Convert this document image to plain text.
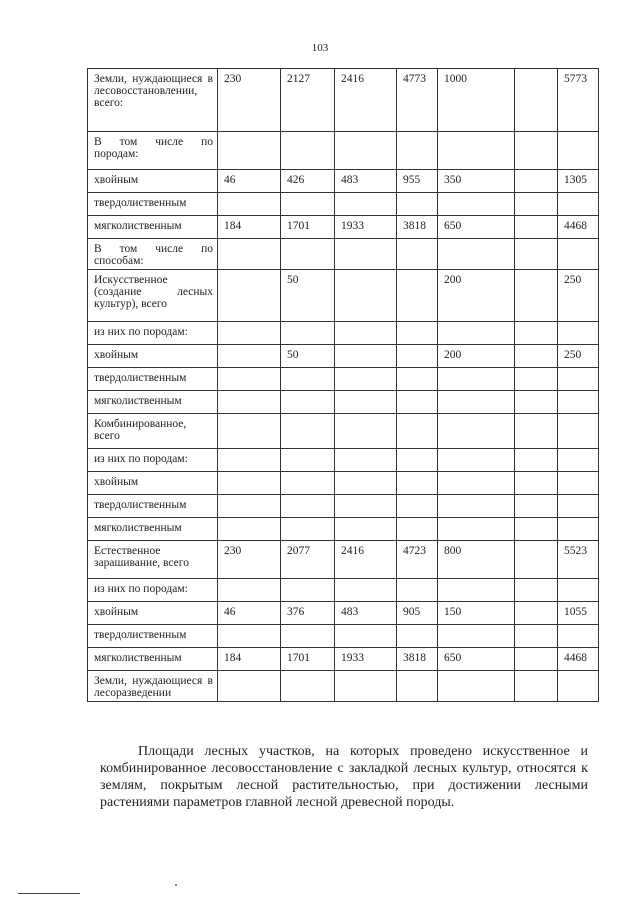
103
Земли, нуждающиеся в лесовосстановлении, всего:	230	2127	2416	4773	1000		5773
В том числе по породам:							
хвойным	46	426	483	955	350		1305
твердолиственным							
мягколиственным	184	1701	1933	3818	650		4468
В том числе по способам:							
Искусственное (создание лесных культур), всего		50			200		250
из них по породам:							
хвойным		50			200		250
твердолиственным							
мягколиственным							
Комбинированное, всего							
из них по породам:							
хвойным							
твердолиственным							
мягколиственным							
Естественное зарашивание, всего	230	2077	2416	4723	800		5523
из них по породам:							
хвойным	46	376	483	905	150		1055
твердолиственным							
мягколиственным	184	1701	1933	3818	650		4468
Земли, нуждающиеся в лесоразведении							
Площади лесных участков, на которых проведено искусственное и комбинированное лесовосстановление с закладкой лесных культур, относятся к землям, покрытым лесной растительностью, при достижении лесными растениями параметров главной лесной древесной породы.
